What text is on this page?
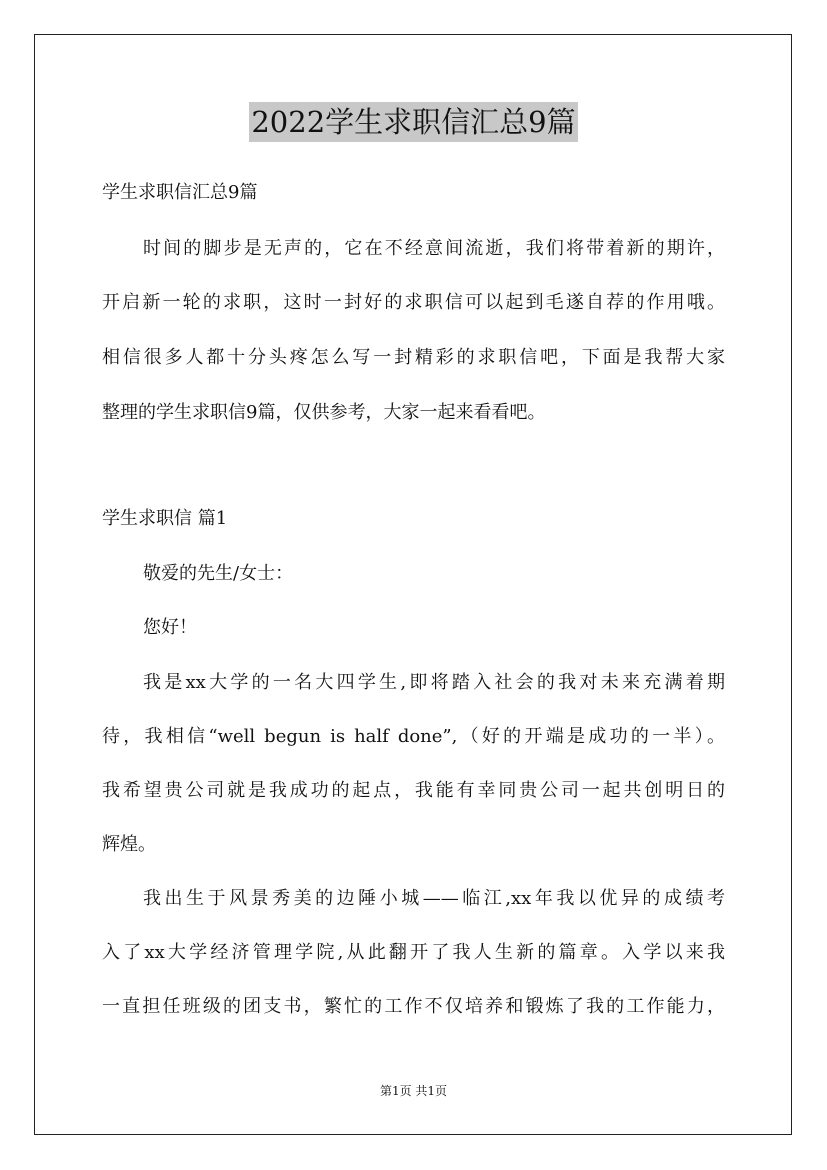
2022学生求职信汇总9篇
学生求职信汇总9篇
时间的脚步是无声的，它在不经意间流逝，我们将带着新的期许，
开启新一轮的求职，这时一封好的求职信可以起到毛遂自荐的作用哦。
相信很多人都十分头疼怎么写一封精彩的求职信吧，下面是我帮大家
整理的学生求职信9篇，仅供参考，大家一起来看看吧。
学生求职信 篇1
敬爱的先生/女士：
您好！
我是xx大学的一名大四学生,即将踏入社会的我对未来充满着期
待，我相信“well begun is half done”,（好的开端是成功的一半）。
我希望贵公司就是我成功的起点，我能有幸同贵公司一起共创明日的
辉煌。
我出生于风景秀美的边陲小城——临江,xx年我以优异的成绩考
入了xx大学经济管理学院,从此翻开了我人生新的篇章。入学以来我
一直担任班级的团支书，繁忙的工作不仅培养和锻炼了我的工作能力，
第1页 共1页
